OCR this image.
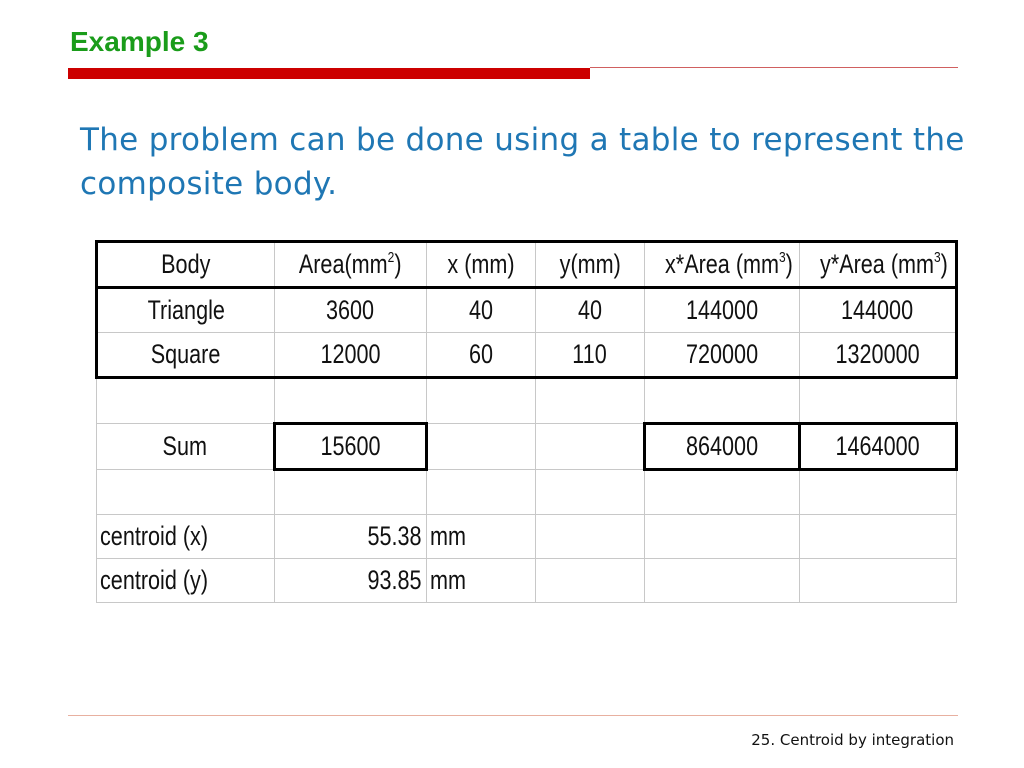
Example 3
The problem can be done using a table to represent the composite body.
Body	$Area(mm^2)$	x (mm)	y(mm)	x*Area $(mm^3)$	y*Area $(mm^3)$
Triangle	3600	40	40	144000	144000
Square	12000	60	110	720000	1320000

Sum	15600			864000	1464000

centroid (x)	55.38	mm			
centroid (y)	93.85	mm			
25. Centroid by integration
